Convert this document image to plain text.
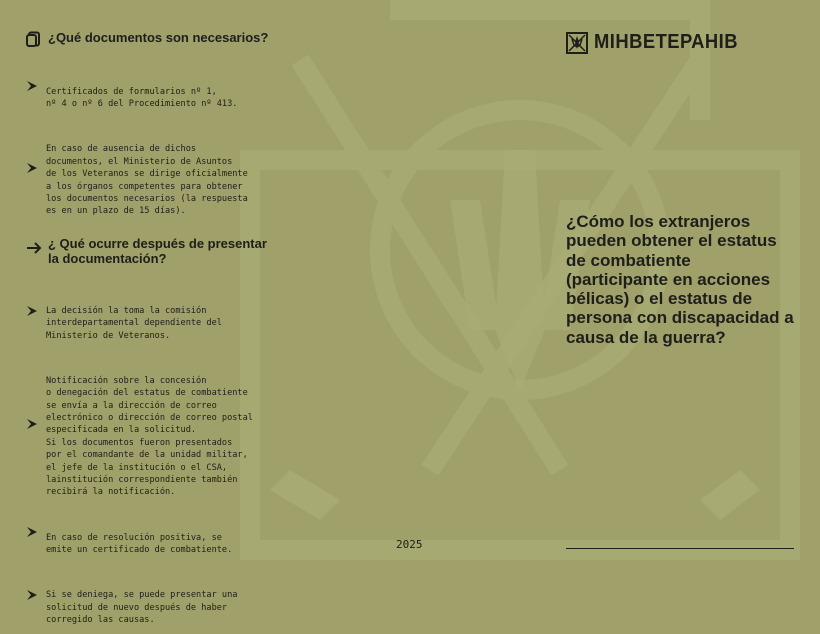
¿Qué documentos son necesarios?

Certificados de formularios nº 1,
nº 4 o nº 6 del Procedimiento nº 413.

En caso de ausencia de dichos
documentos, el Ministerio de Asuntos
de los Veteranos se dirige oficialmente
a los órganos competentes para obtener
los documentos necesarios (la respuesta
es en un plazo de 15 días).

¿ Qué ocurre después de presentar la documentación?

La decisión la toma la comisión
interdepartamental dependiente del
Ministerio de Veteranos.

Notificación sobre la concesión
o denegación del estatus de combatiente
se envía a la dirección de correo
electrónico o dirección de correo postal
especificada en la solicitud.
Si los documentos fueron presentados
por el comandante de la unidad militar,
el jefe de la institución o el CSA,
lainstitución correspondiente también
recibirá la notificación.

En caso de resolución positiva, se
emite un certificado de combatiente.

Si se deniega, se puede presentar una
solicitud de nuevo después de haber
corregido las causas.

МІНВЕТЕРАНІВ
¿Cómo los extranjeros pueden obtener el estatus de combatiente (participante en acciones bélicas) o el estatus de persona con discapacidad a causa de la guerra?
2025
